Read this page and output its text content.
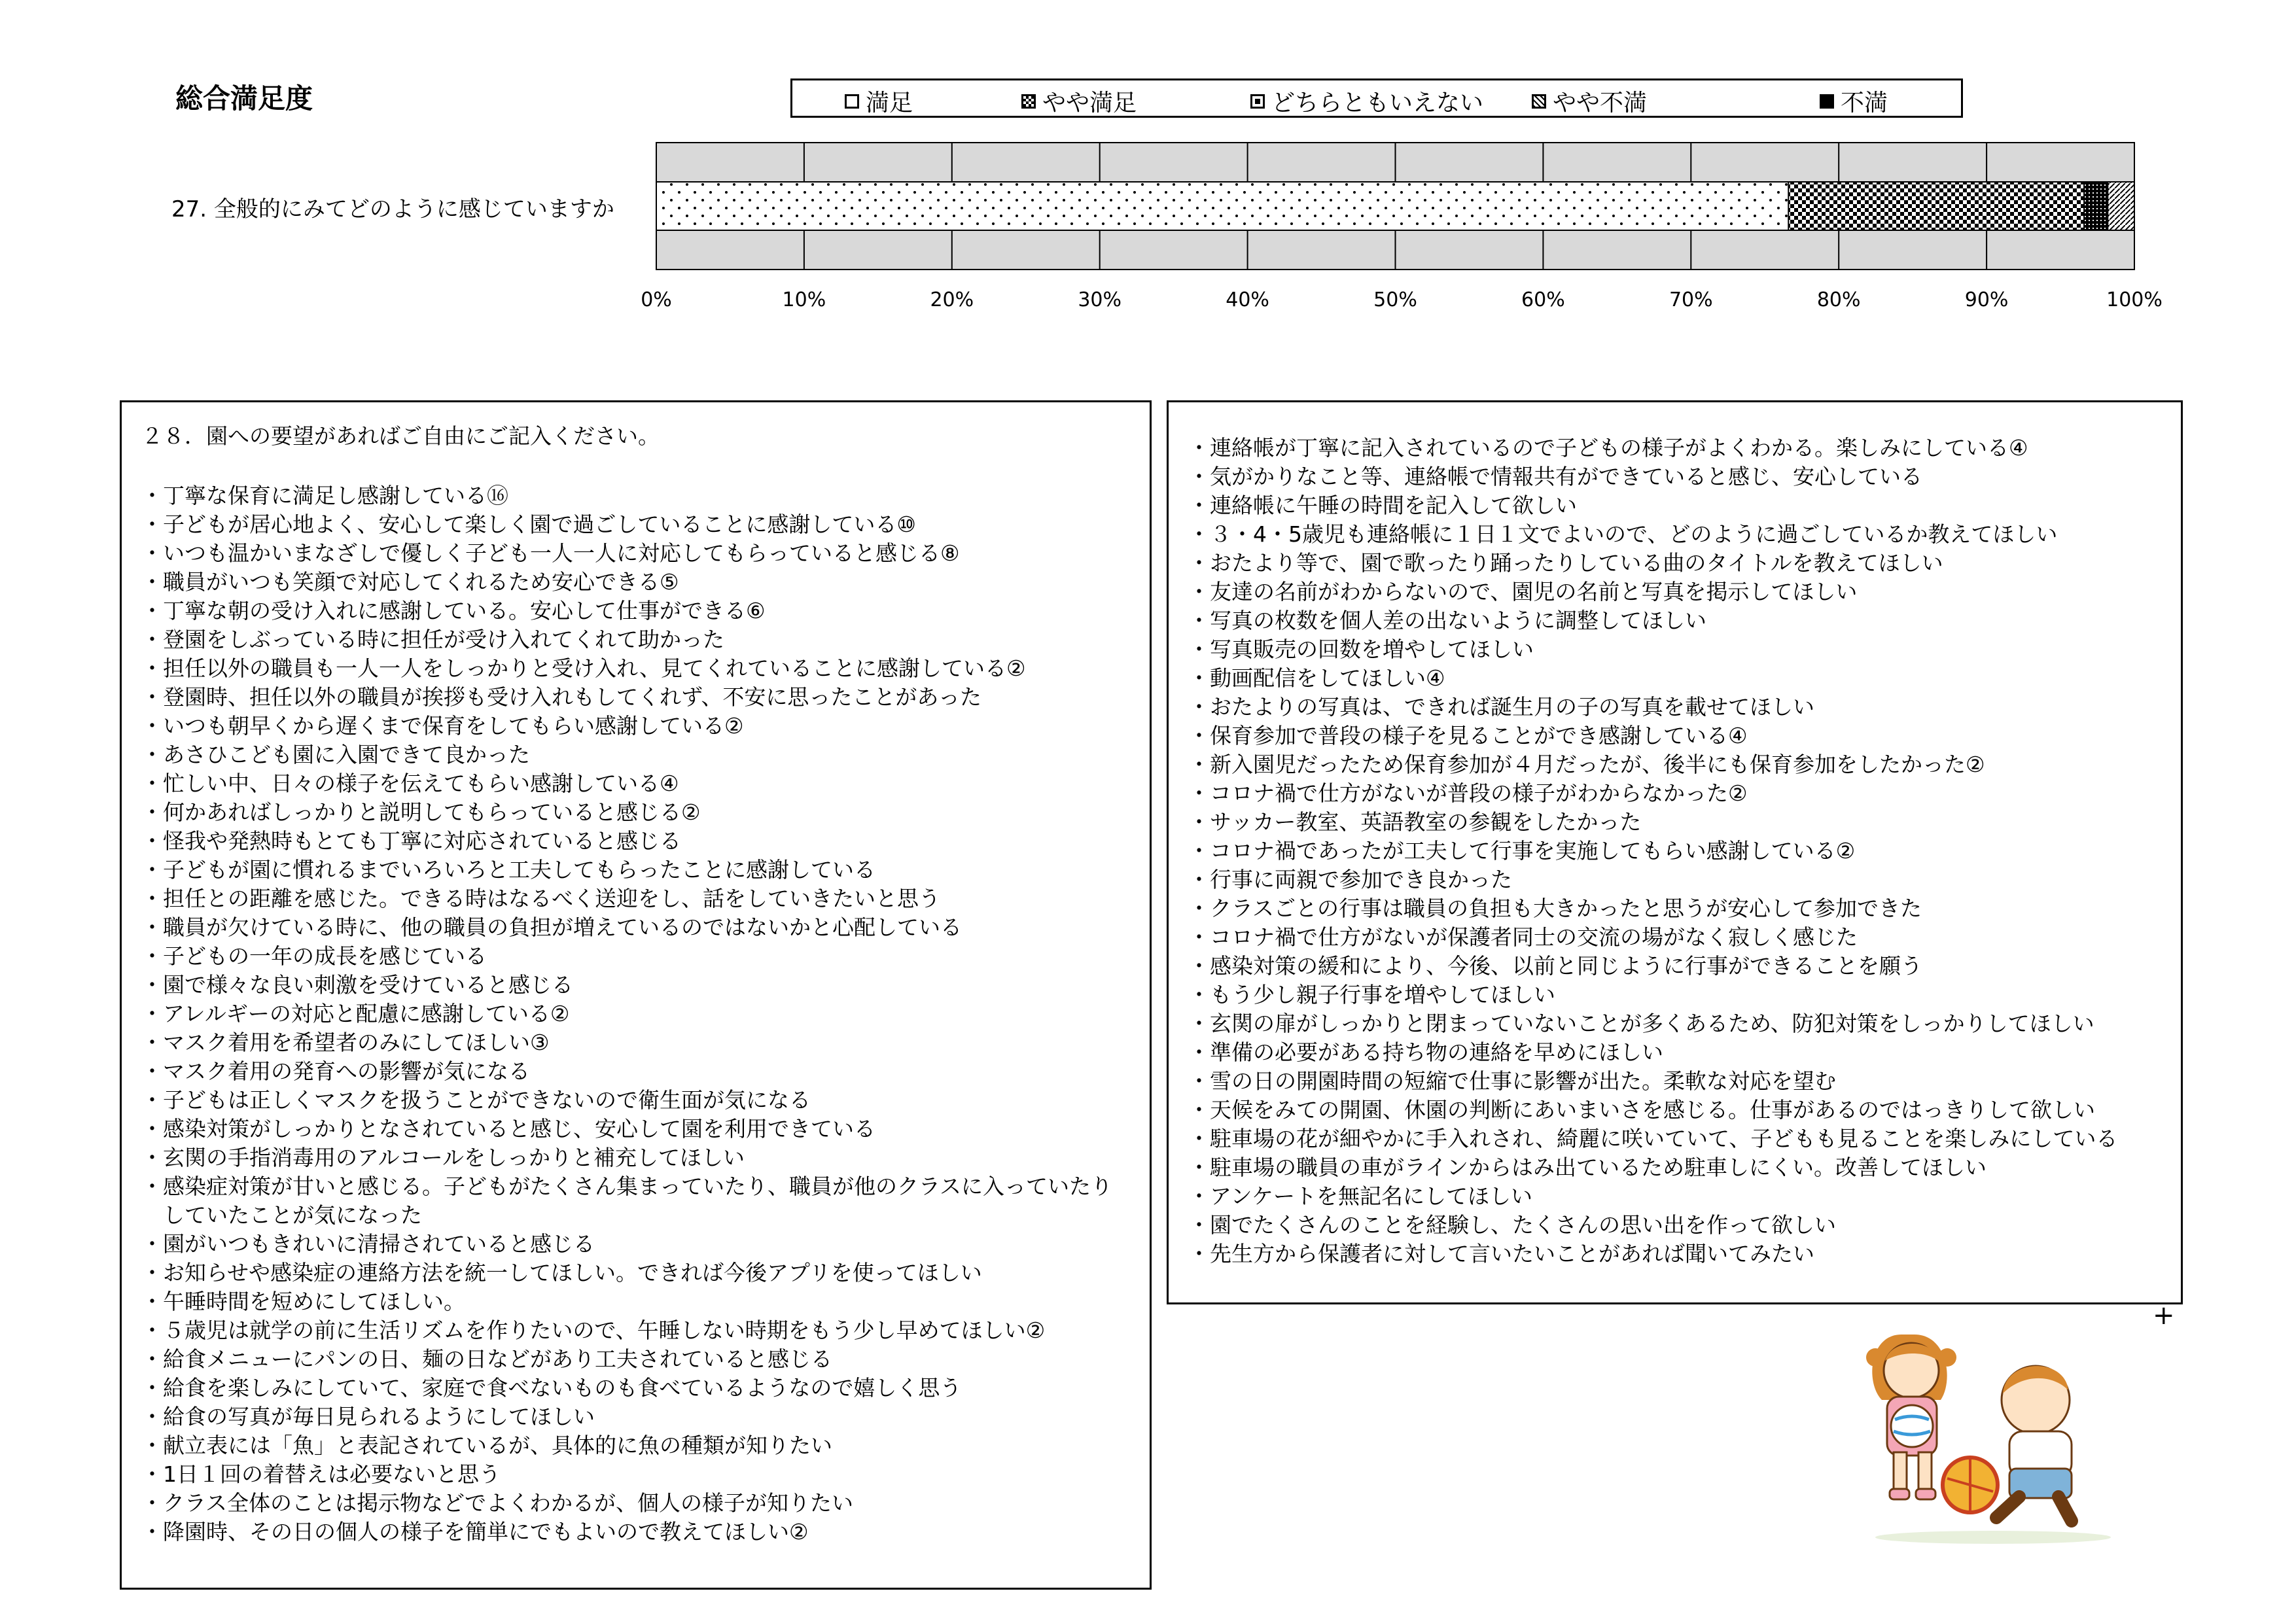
総合満足度	満足	やや満足	どちらともいえない	やや不満	不満
27. 全般的にみてどのように感じていますか
0%	10%	20%	30%	40%	50%	60%	70%	80%	90%	100%
２８．園への要望があればご自由にご記入ください。
・丁寧な保育に満足し感謝している⑯
・子どもが居心地よく、安心して楽しく園で過ごしていることに感謝している⑩
・いつも温かいまなざしで優しく子ども一人一人に対応してもらっていると感じる⑧
・職員がいつも笑顔で対応してくれるため安心できる⑤
・丁寧な朝の受け入れに感謝している。安心して仕事ができる⑥
・登園をしぶっている時に担任が受け入れてくれて助かった
・担任以外の職員も一人一人をしっかりと受け入れ、見てくれていることに感謝している②
・登園時、担任以外の職員が挨拶も受け入れもしてくれず、不安に思ったことがあった
・いつも朝早くから遅くまで保育をしてもらい感謝している②
・あさひこども園に入園できて良かった
・忙しい中、日々の様子を伝えてもらい感謝している④
・何かあればしっかりと説明してもらっていると感じる②
・怪我や発熱時もとても丁寧に対応されていると感じる
・子どもが園に慣れるまでいろいろと工夫してもらったことに感謝している
・担任との距離を感じた。できる時はなるべく送迎をし、話をしていきたいと思う
・職員が欠けている時に、他の職員の負担が増えているのではないかと心配している
・子どもの一年の成長を感じている
・園で様々な良い刺激を受けていると感じる
・アレルギーの対応と配慮に感謝している②
・マスク着用を希望者のみにしてほしい③
・マスク着用の発育への影響が気になる
・子どもは正しくマスクを扱うことができないので衛生面が気になる
・感染対策がしっかりとなされていると感じ、安心して園を利用できている
・玄関の手指消毒用のアルコールをしっかりと補充してほしい
・感染症対策が甘いと感じる。子どもがたくさん集まっていたり、職員が他のクラスに入っていたり
　していたことが気になった
・園がいつもきれいに清掃されていると感じる
・お知らせや感染症の連絡方法を統一してほしい。できれば今後アプリを使ってほしい
・午睡時間を短めにしてほしい。
・５歳児は就学の前に生活リズムを作りたいので、午睡しない時期をもう少し早めてほしい②
・給食メニューにパンの日、麺の日などがあり工夫されていると感じる
・給食を楽しみにしていて、家庭で食べないものも食べているようなので嬉しく思う
・給食の写真が毎日見られるようにしてほしい
・献立表には「魚」と表記されているが、具体的に魚の種類が知りたい
・1日１回の着替えは必要ないと思う
・クラス全体のことは掲示物などでよくわかるが、個人の様子が知りたい
・降園時、その日の個人の様子を簡単にでもよいので教えてほしい②
・連絡帳が丁寧に記入されているので子どもの様子がよくわかる。楽しみにしている④
・気がかりなこと等、連絡帳で情報共有ができていると感じ、安心している
・連絡帳に午睡の時間を記入して欲しい
・３・4・5歳児も連絡帳に１日１文でよいので、どのように過ごしているか教えてほしい
・おたより等で、園で歌ったり踊ったりしている曲のタイトルを教えてほしい
・友達の名前がわからないので、園児の名前と写真を掲示してほしい
・写真の枚数を個人差の出ないように調整してほしい
・写真販売の回数を増やしてほしい
・動画配信をしてほしい④
・おたよりの写真は、できれば誕生月の子の写真を載せてほしい
・保育参加で普段の様子を見ることができ感謝している④
・新入園児だったため保育参加が４月だったが、後半にも保育参加をしたかった②
・コロナ禍で仕方がないが普段の様子がわからなかった②
・サッカー教室、英語教室の参観をしたかった
・コロナ禍であったが工夫して行事を実施してもらい感謝している②
・行事に両親で参加でき良かった
・クラスごとの行事は職員の負担も大きかったと思うが安心して参加できた
・コロナ禍で仕方がないが保護者同士の交流の場がなく寂しく感じた
・感染対策の緩和により、今後、以前と同じように行事ができることを願う
・もう少し親子行事を増やしてほしい
・玄関の扉がしっかりと閉まっていないことが多くあるため、防犯対策をしっかりしてほしい
・準備の必要がある持ち物の連絡を早めにほしい
・雪の日の開園時間の短縮で仕事に影響が出た。柔軟な対応を望む
・天候をみての開園、休園の判断にあいまいさを感じる。仕事があるのではっきりして欲しい
・駐車場の花が細やかに手入れされ、綺麗に咲いていて、子どもも見ることを楽しみにしている
・駐車場の職員の車がラインからはみ出ているため駐車しにくい。改善してほしい
・アンケートを無記名にしてほしい
・園でたくさんのことを経験し、たくさんの思い出を作って欲しい
・先生方から保護者に対して言いたいことがあれば聞いてみたい
+
